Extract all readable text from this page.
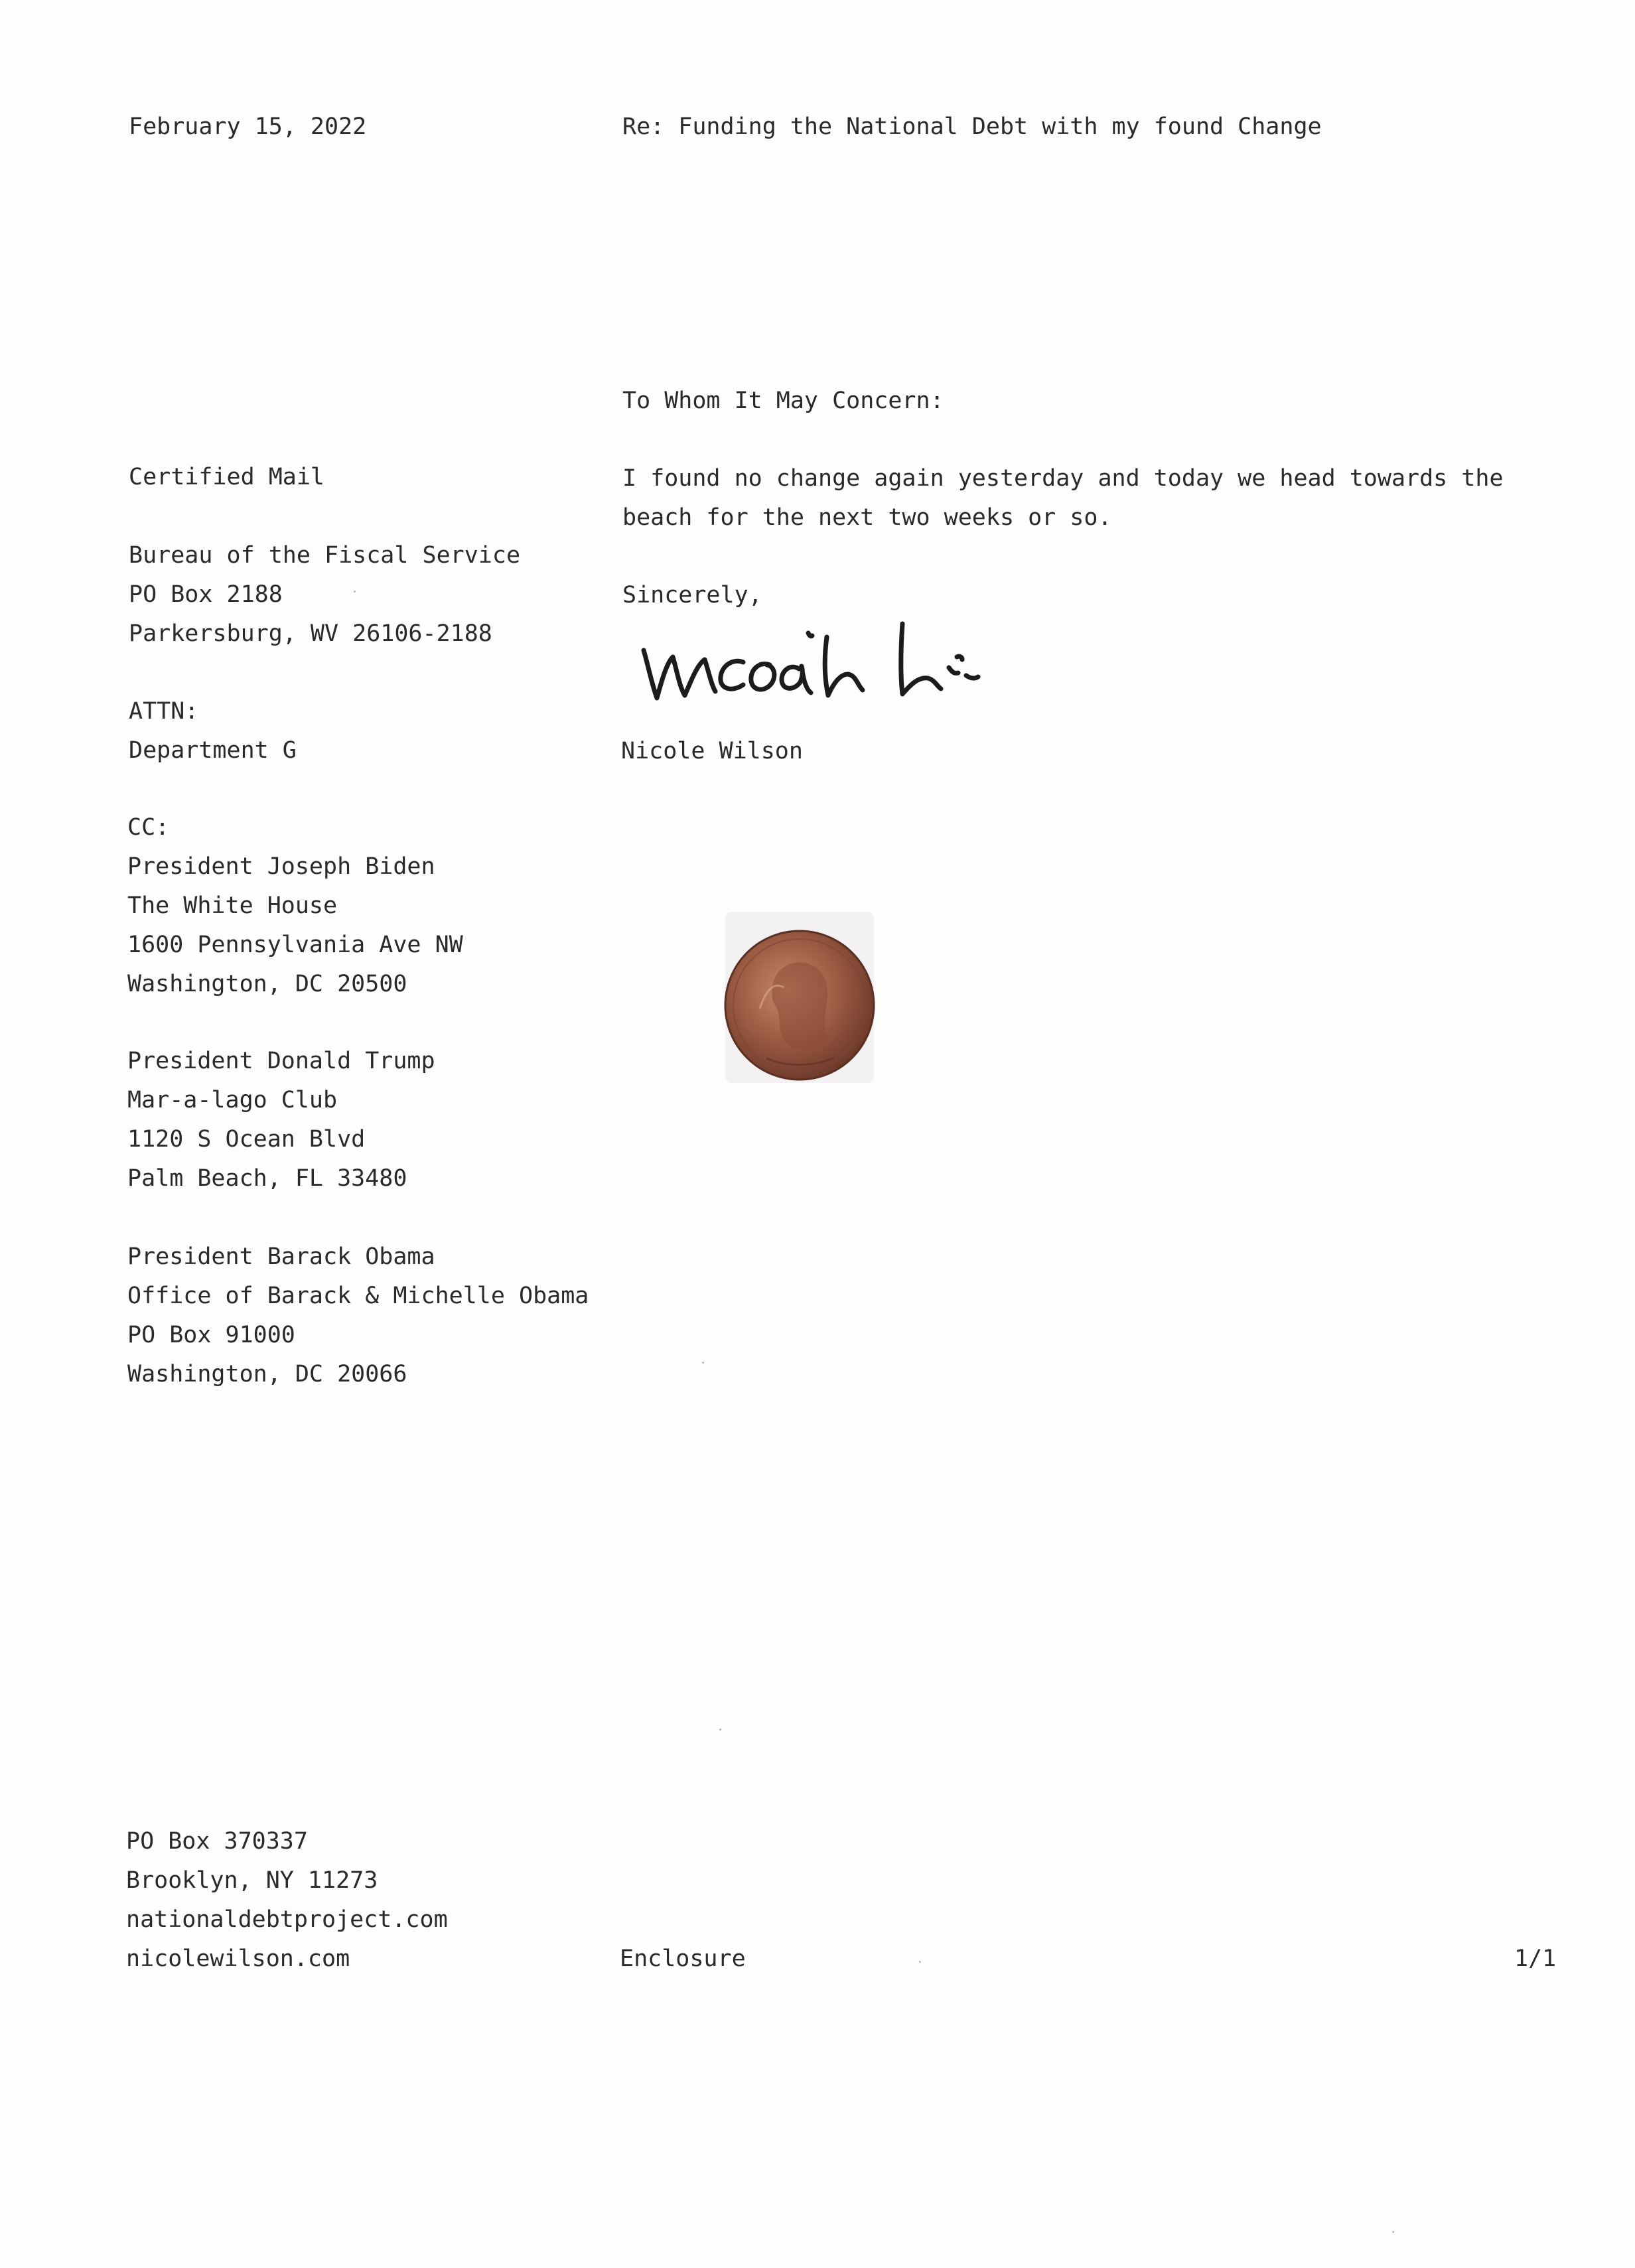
February 15, 2022	Re: Funding the National Debt with my found Change
To Whom It May Concern:
Certified Mail
Bureau of the Fiscal Service
PO Box 2188
Parkersburg, WV 26106-2188
ATTN:
Department G
CC:
President Joseph Biden
The White House
1600 Pennsylvania Ave NW
Washington, DC 20500
President Donald Trump
Mar-a-lago Club
1120 S Ocean Blvd
Palm Beach, FL 33480
President Barack Obama
Office of Barack & Michelle Obama
PO Box 91000
Washington, DC 20066
I found no change again yesterday and today we head towards the
beach for the next two weeks or so.
Sincerely,
Nicole Wilson
PO Box 370337
Brooklyn, NY 11273
nationaldebtproject.com
nicolewilson.com	Enclosure	1/1
